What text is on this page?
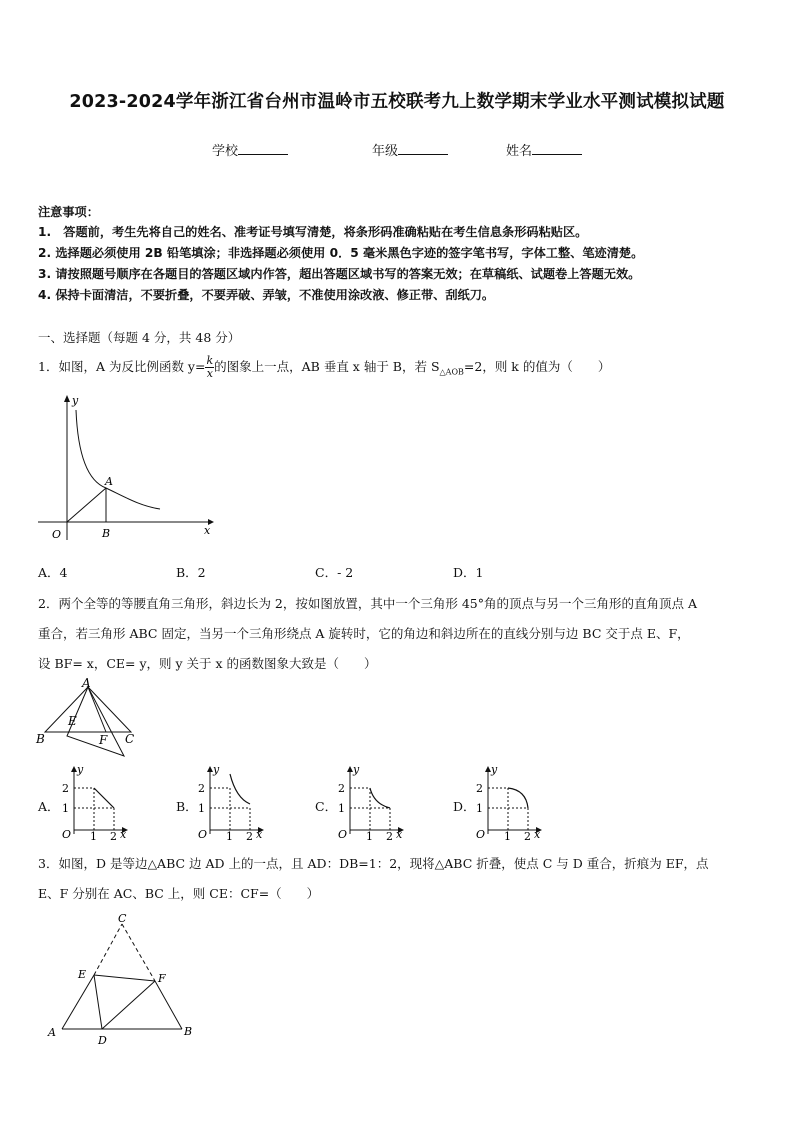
2023-2024学年浙江省台州市温岭市五校联考九上数学期末学业水平测试模拟试题
学校	年级	姓名
注意事项：
1.　答题前，考生先将自己的姓名、准考证号填写清楚，将条形码准确粘贴在考生信息条形码粘贴区。
2. 选择题必须使用 2B 铅笔填涂；非选择题必须使用 0．5 毫米黑色字迹的签字笔书写，字体工整、笔迹清楚。
3. 请按照题号顺序在各题目的答题区域内作答，超出答题区域书写的答案无效；在草稿纸、试题卷上答题无效。
4. 保持卡面清洁，不要折叠，不要弄破、弄皱，不准使用涂改液、修正带、刮纸刀。
一、选择题（每题 4 分，共 48 分）
1．如图，A 为反比例函数 $y= \frac{k}{x}$ 的图象上一点，AB 垂直 x 轴于 B，若 $S_{\triangle AOB}=2$，则 k 的值为（　　）
y
x
O
A
B
A．4	B．2	C．- 2	D．1
2．两个全等的等腰直角三角形，斜边长为 2，按如图放置，其中一个三角形 45°角的顶点与另一个三角形的直角顶点 A
重合，若三角形 ABC 固定，当另一个三角形绕点 A 旋转时，它的角边和斜边所在的直线分别与边 BC 交于点 E、F，
设 BF= x，CE= y，则 y 关于 x 的函数图象大致是（　　）
A
B	C
E
F
A．
y
2
1
O 1 2 x
B．
y
2
1
O 1 2 x
C．
y
2
1
O 1 2 x
D．
y
2
1
O 1 2 x
3．如图，D 是等边△ABC 边 AD 上的一点，且 AD：DB=1：2，现将△ABC 折叠，使点 C 与 D 重合，折痕为 EF，点
E、F 分别在 AC、BC 上，则 CE：CF=（　　）
C
E	F
A	B
D
